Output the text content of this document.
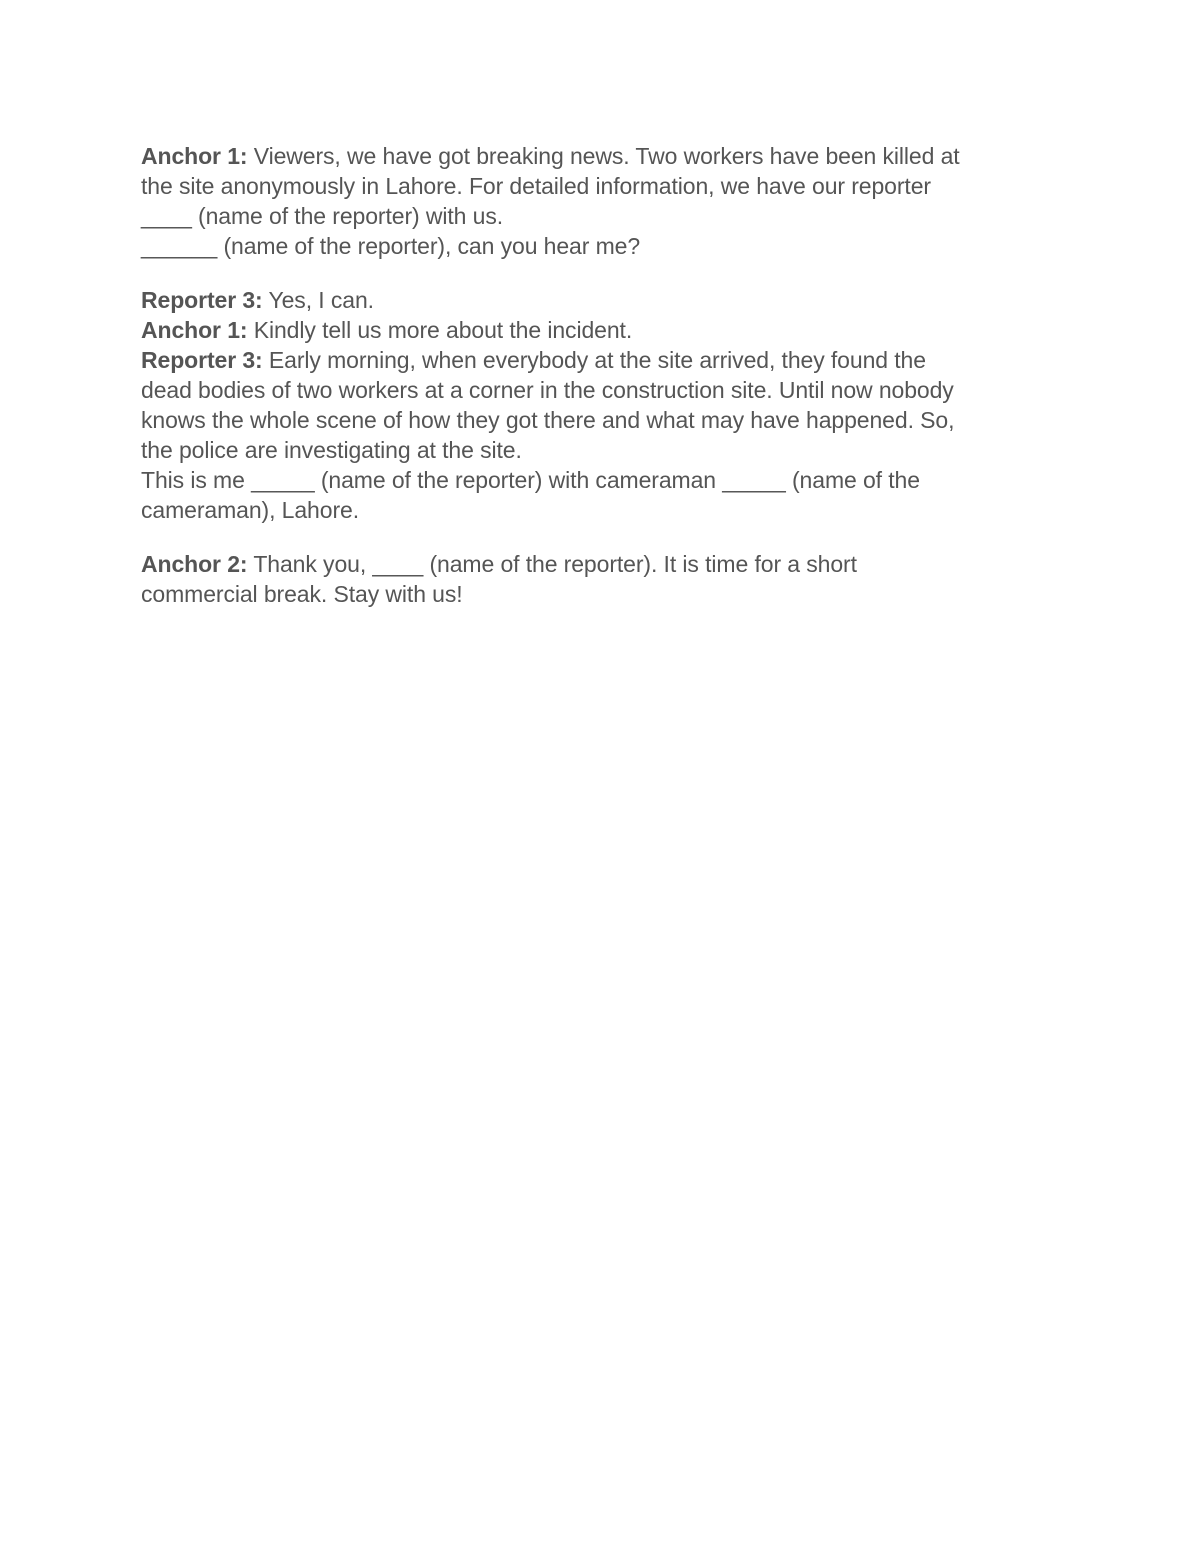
Anchor 1: Viewers, we have got breaking news. Two workers have been killed at
the site anonymously in Lahore. For detailed information, we have our reporter
____ (name of the reporter) with us.
______ (name of the reporter), can you hear me?
Reporter 3: Yes, I can.
Anchor 1: Kindly tell us more about the incident.
Reporter 3: Early morning, when everybody at the site arrived, they found the
dead bodies of two workers at a corner in the construction site. Until now nobody
knows the whole scene of how they got there and what may have happened. So,
the police are investigating at the site.
This is me _____ (name of the reporter) with cameraman _____ (name of the
cameraman), Lahore.
Anchor 2: Thank you, ____ (name of the reporter). It is time for a short
commercial break. Stay with us!
